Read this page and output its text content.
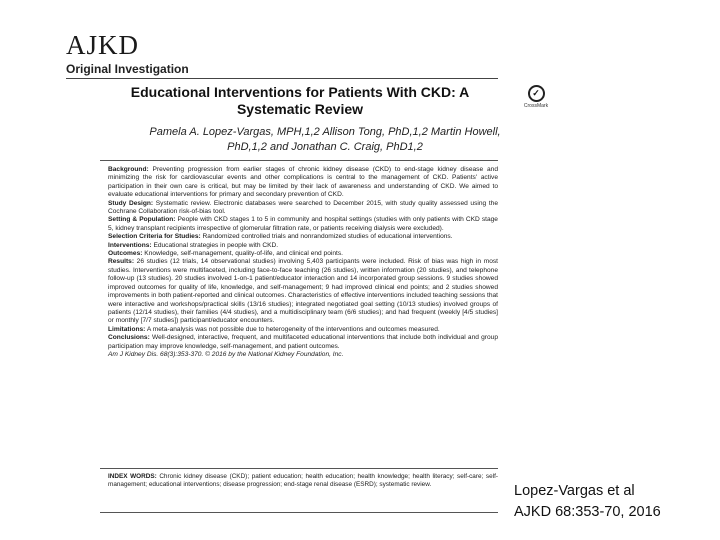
AJKD
Original Investigation
Educational Interventions for Patients With CKD: A Systematic Review
✓
CrossMark
Pamela A. Lopez-Vargas, MPH,1,2 Allison Tong, PhD,1,2 Martin Howell, PhD,1,2 and Jonathan C. Craig, PhD1,2

Background: Preventing progression from earlier stages of chronic kidney disease (CKD) to end-stage kidney disease and minimizing the risk for cardiovascular events and other complications is central to the management of CKD. Patients' active participation in their own care is critical, but may be limited by their lack of awareness and understanding of CKD. We aimed to evaluate educational interventions for primary and secondary prevention of CKD.

Study Design: Systematic review. Electronic databases were searched to December 2015, with study quality assessed using the Cochrane Collaboration risk-of-bias tool.

Setting & Population: People with CKD stages 1 to 5 in community and hospital settings (studies with only patients with CKD stage 5, kidney transplant recipients irrespective of glomerular filtration rate, or patients receiving dialysis were excluded).

Selection Criteria for Studies: Randomized controlled trials and nonrandomized studies of educational interventions.

Interventions: Educational strategies in people with CKD.

Outcomes: Knowledge, self-management, quality-of-life, and clinical end points.

Results: 26 studies (12 trials, 14 observational studies) involving 5,403 participants were included. Risk of bias was high in most studies. Interventions were multifaceted, including face-to-face teaching (26 studies), written information (20 studies), and telephone follow-up (13 studies). 20 studies involved 1-on-1 patient/educator interaction and 14 incorporated group sessions. 9 studies showed improved outcomes for quality of life, knowledge, and self-management; 9 had improved clinical end points; and 2 studies showed improvements in both patient-reported and clinical outcomes. Characteristics of effective interventions included teaching sessions that were interactive and workshops/practical skills (13/16 studies); integrated negotiated goal setting (10/13 studies) involved groups of patients (12/14 studies), their families (4/4 studies), and a multidisciplinary team (6/6 studies); and had frequent (weekly [4/5 studies] or monthly [7/7 studies]) participant/educator encounters.

Limitations: A meta-analysis was not possible due to heterogeneity of the interventions and outcomes measured.

Conclusions: Well-designed, interactive, frequent, and multifaceted educational interventions that include both individual and group participation may improve knowledge, self-management, and patient outcomes.

Am J Kidney Dis. 68(3):353-370. © 2016 by the National Kidney Foundation, Inc.

INDEX WORDS: Chronic kidney disease (CKD); patient education; health education; health knowledge; health literacy; self-care; self-management; educational interventions; disease progression; end-stage renal disease (ESRD); systematic review.	Lopez-Vargas et al
AJKD 68:353-70, 2016
